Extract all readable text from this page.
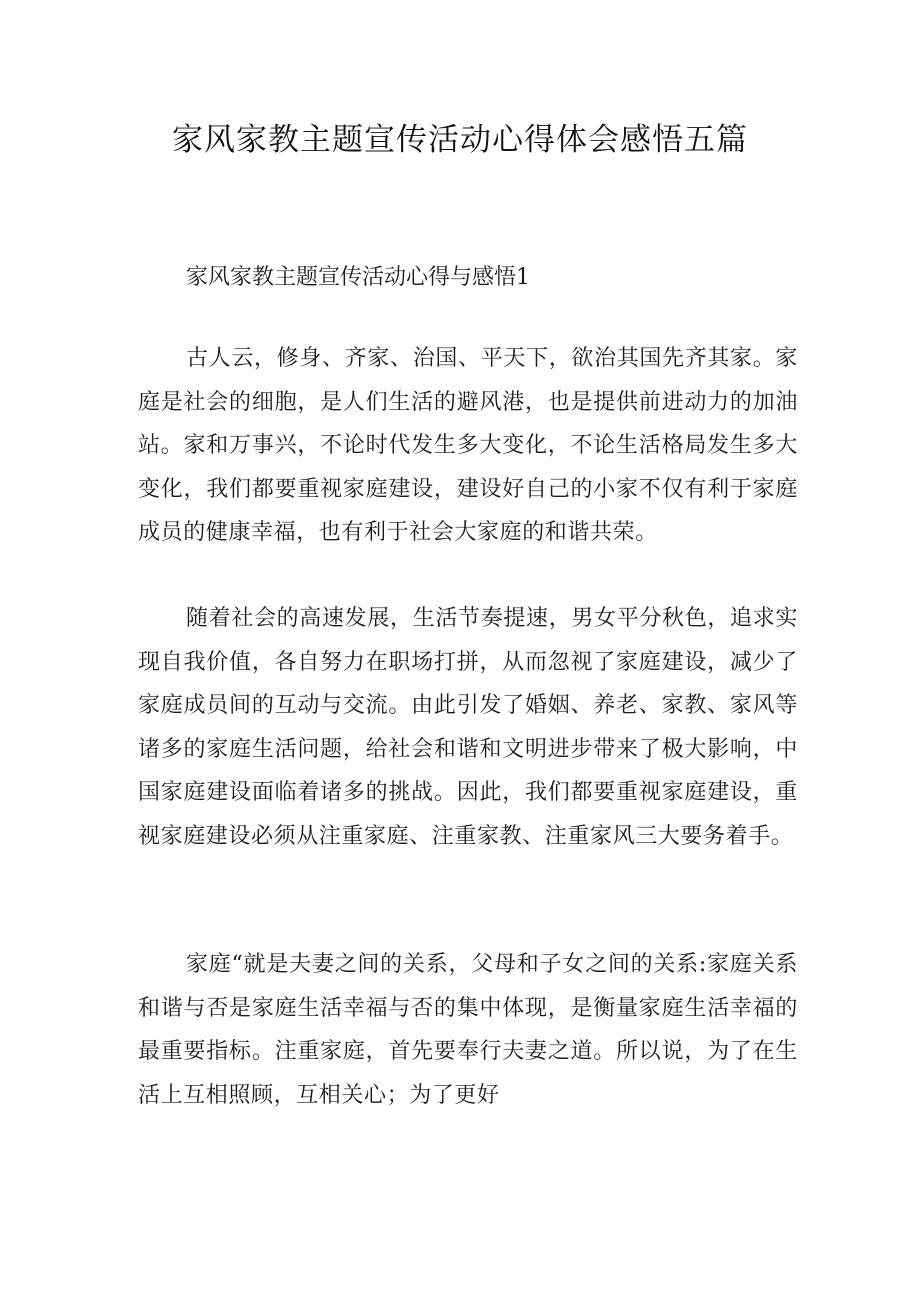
家风家教主题宣传活动心得体会感悟五篇
家风家教主题宣传活动心得与感悟1

古人云，修身、齐家、治国、平天下，欲治其国先齐其家。家庭是社会的细胞，是人们生活的避风港，也是提供前进动力的加油站。家和万事兴，不论时代发生多大变化，不论生活格局发生多大变化，我们都要重视家庭建设，建设好自己的小家不仅有利于家庭成员的健康幸福，也有利于社会大家庭的和谐共荣。

随着社会的高速发展，生活节奏提速，男女平分秋色，追求实现自我价值，各自努力在职场打拼，从而忽视了家庭建设，减少了家庭成员间的互动与交流。由此引发了婚姻、养老、家教、家风等诸多的家庭生活问题，给社会和谐和文明进步带来了极大影响，中国家庭建设面临着诸多的挑战。因此，我们都要重视家庭建设，重视家庭建设必须从注重家庭、注重家教、注重家风三大要务着手。

家庭“就是夫妻之间的关系，父母和子女之间的关系:家庭关系和谐与否是家庭生活幸福与否的集中体现，是衡量家庭生活幸福的最重要指标。注重家庭，首先要奉行夫妻之道。所以说，为了在生活上互相照顾，互相关心；为了更好
